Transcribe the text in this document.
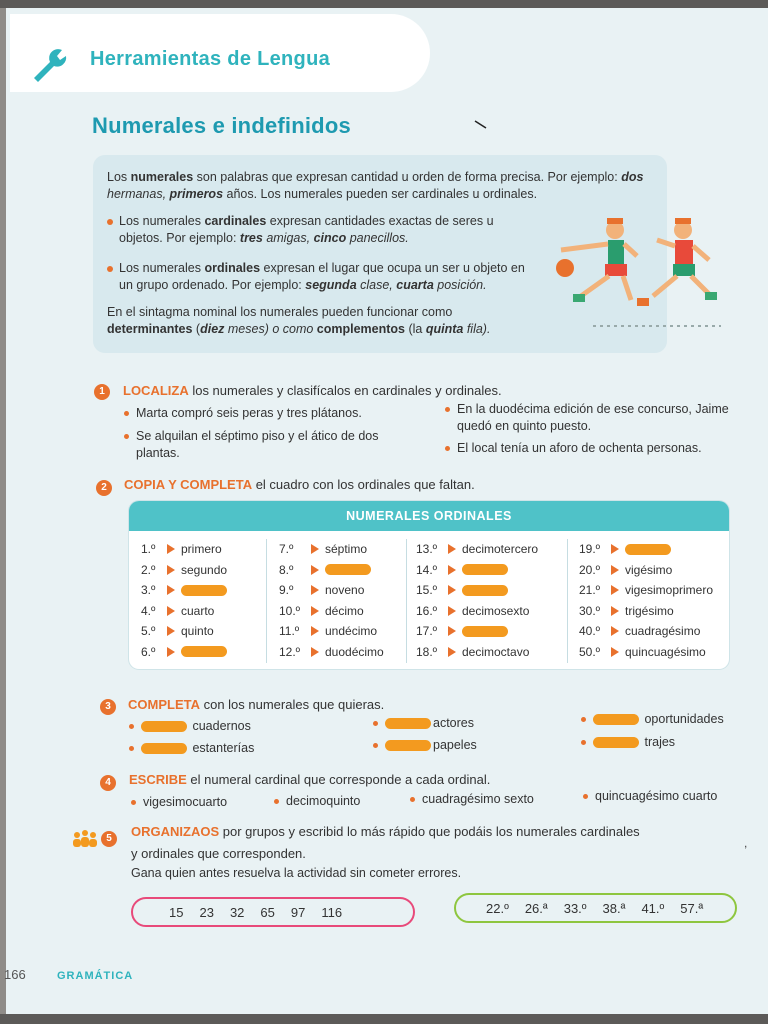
Herramientas de Lengua
Numerales e indefinidos
Los numerales son palabras que expresan cantidad u orden de forma precisa. Por ejemplo: dos hermanas, primeros años. Los numerales pueden ser cardinales u ordinales.
Los numerales cardinales expresan cantidades exactas de seres u objetos. Por ejemplo: tres amigas, cinco panecillos.
Los numerales ordinales expresan el lugar que ocupa un ser u objeto en un grupo ordenado. Por ejemplo: segunda clase, cuarta posición.
En el sintagma nominal los numerales pueden funcionar como determinantes (diez meses) o como complementos (la quinta fila).
1	LOCALIZA los numerales y clasifícalos en cardinales y ordinales.
Marta compró seis peras y tres plátanos.
Se alquilan el séptimo piso y el ático de dos plantas.
En la duodécima edición de ese concurso, Jaime quedó en quinto puesto.
El local tenía un aforo de ochenta personas.
2	COPIA Y COMPLETA el cuadro con los ordinales que faltan.
NUMERALES ORDINALES
1.º	primero
2.º	segundo
3.º
4.º	cuarto
5.º	quinto
6.º
7.º	séptimo
8.º
9.º	noveno
10.º	décimo
11.º	undécimo
12.º	duodécimo
13.º	decimotercero
14.º
15.º
16.º	decimosexto
17.º
18.º	decimoctavo
19.º
20.º	vigésimo
21.º	vigesimoprimero
30.º	trigésimo
40.º	cuadragésimo
50.º	quincuagésimo
3	COMPLETA con los numerales que quieras.
cuadernos
estanterías
actores
papeles
oportunidades
trajes
4	ESCRIBE el numeral cardinal que corresponde a cada ordinal.
vigesimocuarto	decimoquinto	cuadragésimo sexto	quincuagésimo cuarto
5	ORGANIZAOS por grupos y escribid lo más rápido que podáis los numerales cardinales
y ordinales que corresponden.
Gana quien antes resuelva la actividad sin cometer errores.
15 23 32 65 97 116	22.º 26.ª 33.º 38.ª 41.º 57.ª
,
166	GRAMÁTICA
